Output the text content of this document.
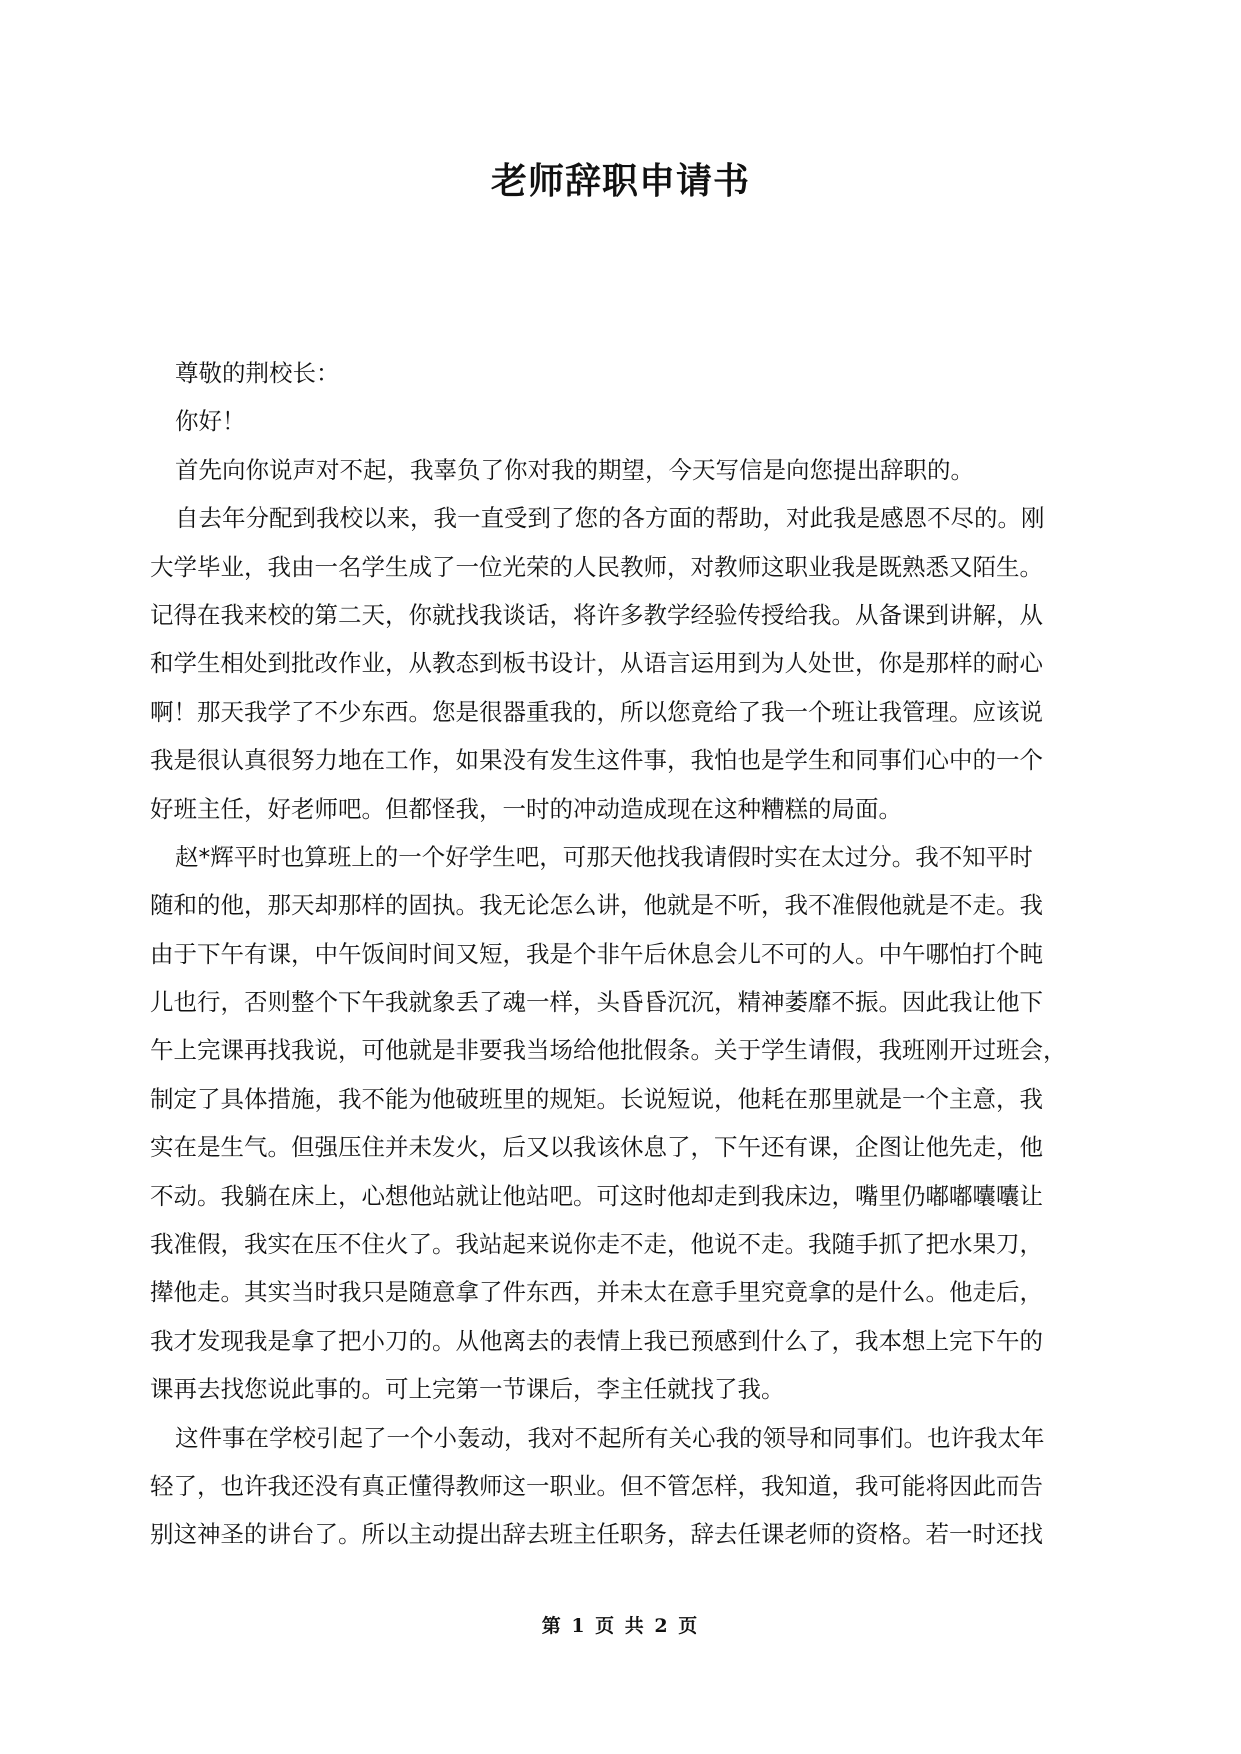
老师辞职申请书
尊敬的荆校长：
你好！
首先向你说声对不起，我辜负了你对我的期望，今天写信是向您提出辞职的。
自去年分配到我校以来，我一直受到了您的各方面的帮助，对此我是感恩不尽的。刚
大学毕业，我由一名学生成了一位光荣的人民教师，对教师这职业我是既熟悉又陌生。
记得在我来校的第二天，你就找我谈话，将许多教学经验传授给我。从备课到讲解，从
和学生相处到批改作业，从教态到板书设计，从语言运用到为人处世，你是那样的耐心
啊！那天我学了不少东西。您是很器重我的，所以您竟给了我一个班让我管理。应该说
我是很认真很努力地在工作，如果没有发生这件事，我怕也是学生和同事们心中的一个
好班主任，好老师吧。但都怪我，一时的冲动造成现在这种糟糕的局面。
赵*辉平时也算班上的一个好学生吧，可那天他找我请假时实在太过分。我不知平时
随和的他，那天却那样的固执。我无论怎么讲，他就是不听，我不准假他就是不走。我
由于下午有课，中午饭间时间又短，我是个非午后休息会儿不可的人。中午哪怕打个盹
儿也行，否则整个下午我就象丢了魂一样，头昏昏沉沉，精神萎靡不振。因此我让他下
午上完课再找我说，可他就是非要我当场给他批假条。关于学生请假，我班刚开过班会，
制定了具体措施，我不能为他破班里的规矩。长说短说，他耗在那里就是一个主意，我
实在是生气。但强压住并未发火，后又以我该休息了，下午还有课，企图让他先走，他
不动。我躺在床上，心想他站就让他站吧。可这时他却走到我床边，嘴里仍嘟嘟囔囔让
我准假，我实在压不住火了。我站起来说你走不走，他说不走。我随手抓了把水果刀，
撵他走。其实当时我只是随意拿了件东西，并未太在意手里究竟拿的是什么。他走后，
我才发现我是拿了把小刀的。从他离去的表情上我已预感到什么了，我本想上完下午的
课再去找您说此事的。可上完第一节课后，李主任就找了我。
这件事在学校引起了一个小轰动，我对不起所有关心我的领导和同事们。也许我太年
轻了，也许我还没有真正懂得教师这一职业。但不管怎样，我知道，我可能将因此而告
别这神圣的讲台了。所以主动提出辞去班主任职务，辞去任课老师的资格。若一时还找
第 1 页 共 2 页
